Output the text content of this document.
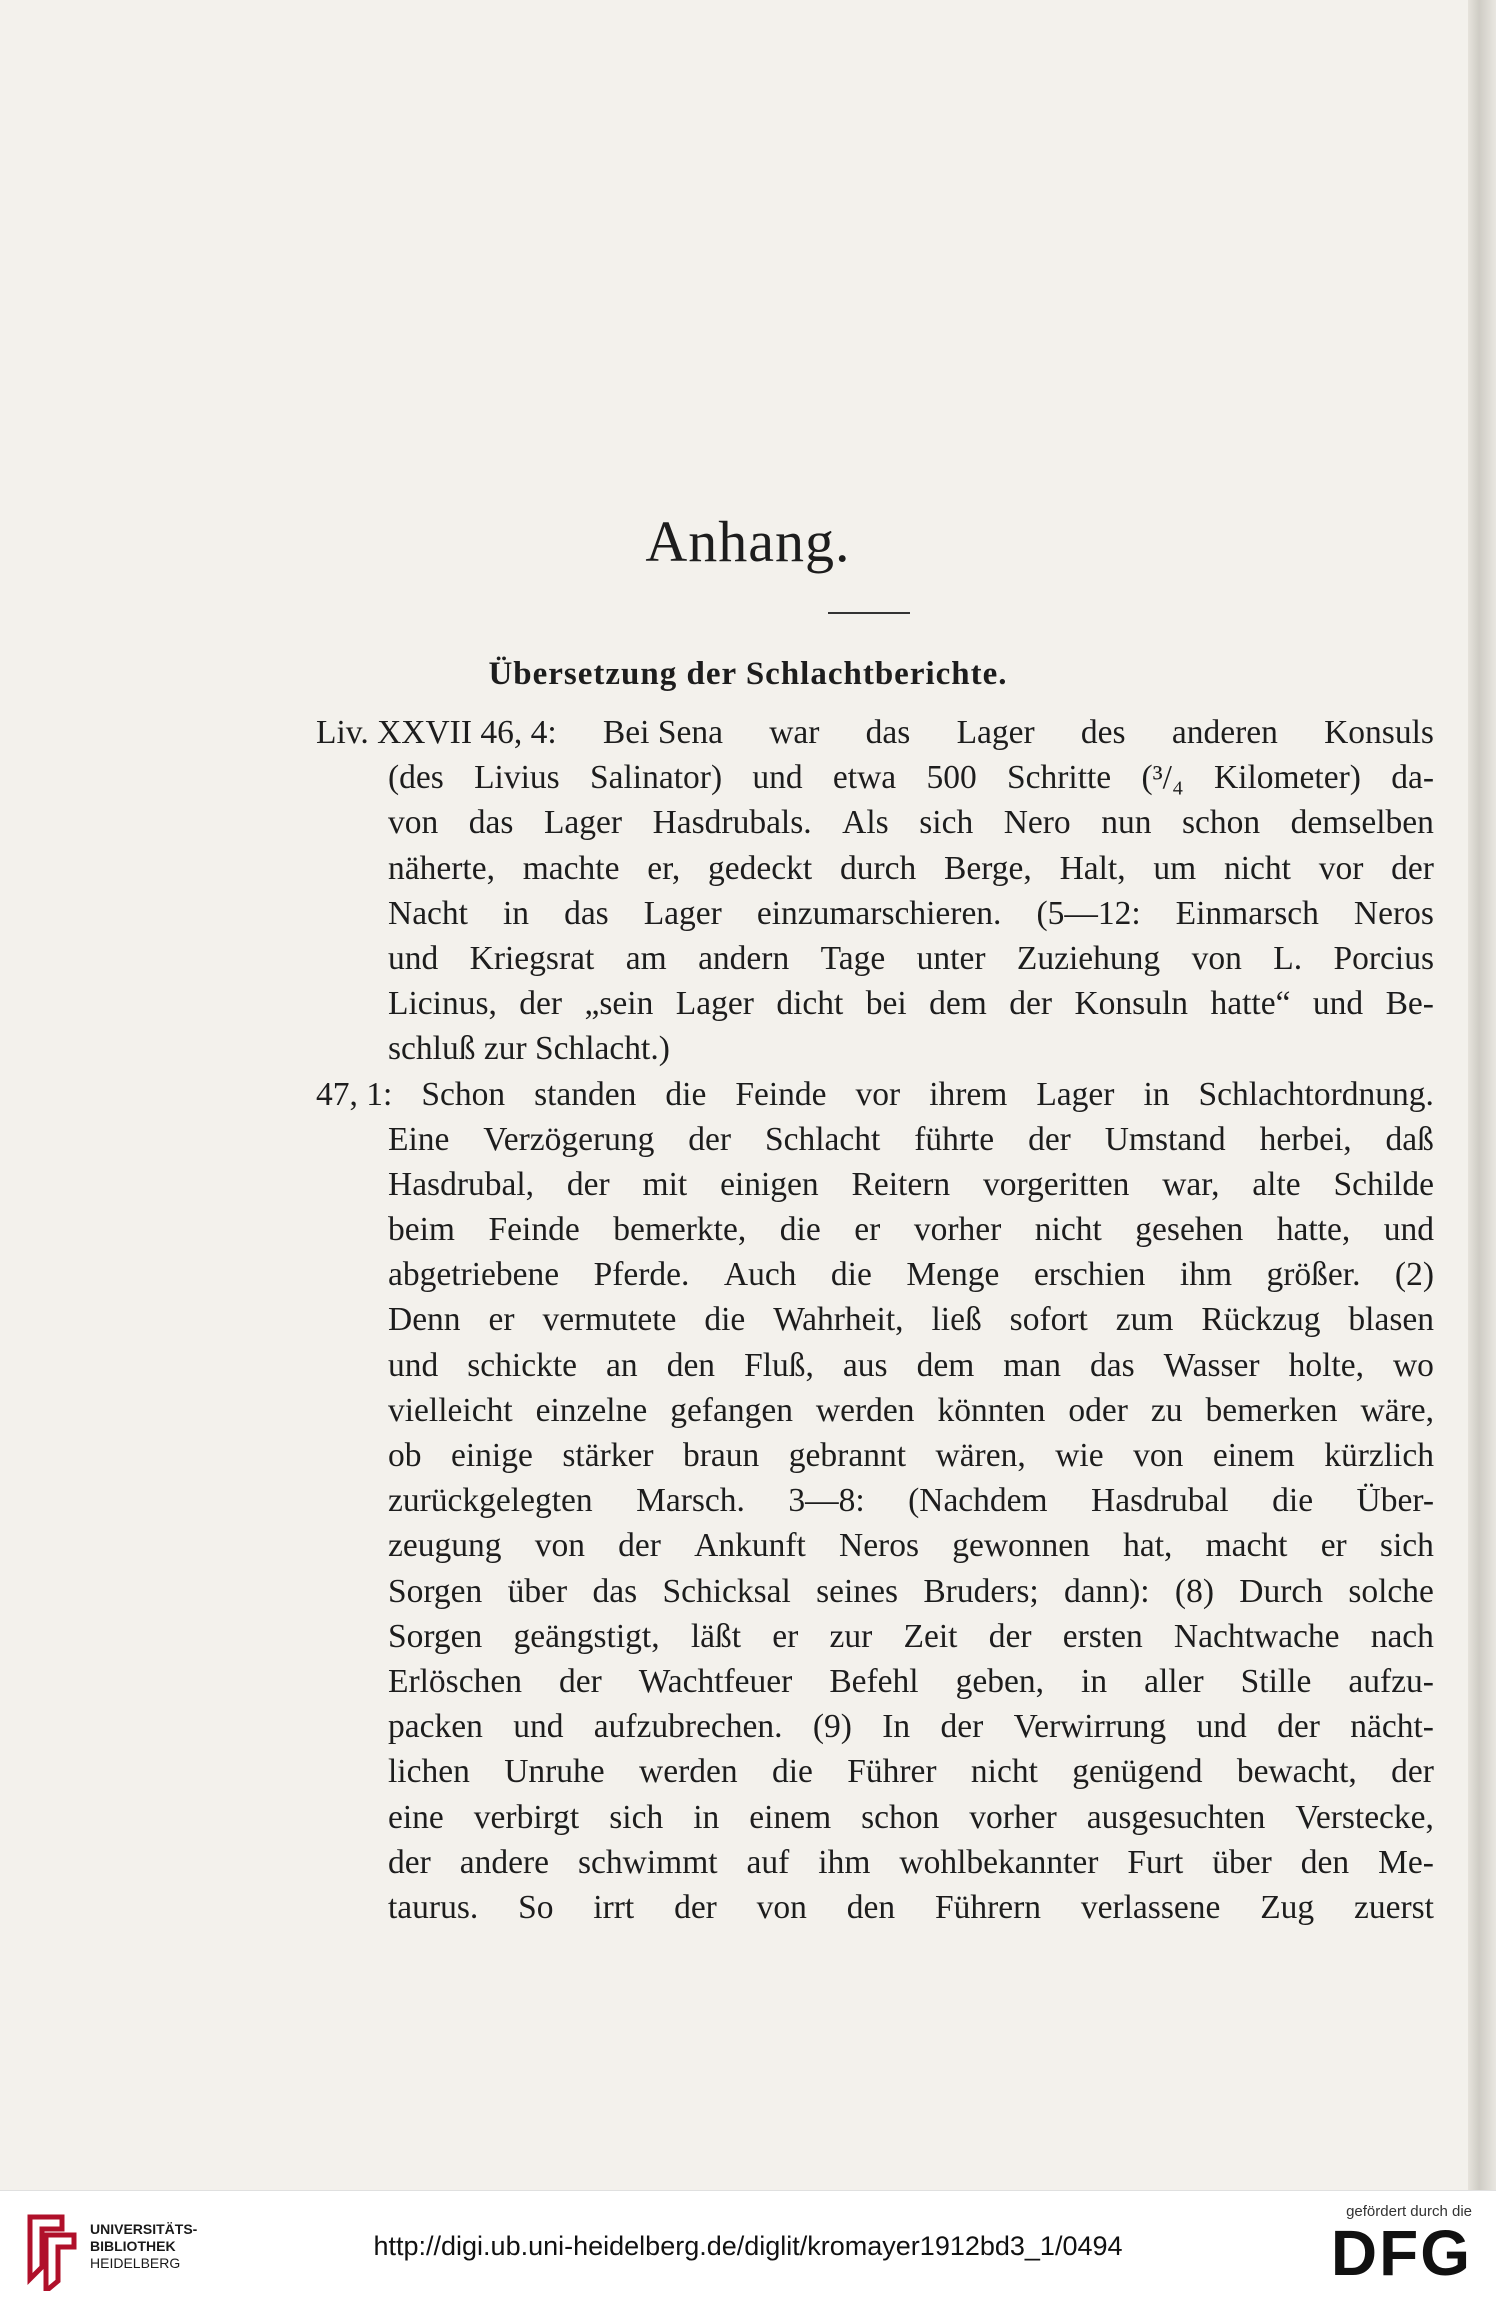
Anhang.
Übersetzung der Schlachtberichte.
Liv. XXVII 46, 4: Bei Sena war das Lager des anderen Konsuls
(des Livius Salinator) und etwa 500 Schritte (³/₄ Kilometer) da-
von das Lager Hasdrubals. Als sich Nero nun schon demselben
näherte, machte er, gedeckt durch Berge, Halt, um nicht vor der
Nacht in das Lager einzumarschieren. (5—12: Einmarsch Neros
und Kriegsrat am andern Tage unter Zuziehung von L. Porcius
Licinus, der „sein Lager dicht bei dem der Konsuln hatte“ und Be-
schluß zur Schlacht.)
47, 1: Schon standen die Feinde vor ihrem Lager in Schlachtordnung.
Eine Verzögerung der Schlacht führte der Umstand herbei, daß
Hasdrubal, der mit einigen Reitern vorgeritten war, alte Schilde
beim Feinde bemerkte, die er vorher nicht gesehen hatte, und
abgetriebene Pferde. Auch die Menge erschien ihm größer. (2)
Denn er vermutete die Wahrheit, ließ sofort zum Rückzug blasen
und schickte an den Fluß, aus dem man das Wasser holte, wo
vielleicht einzelne gefangen werden könnten oder zu bemerken wäre,
ob einige stärker braun gebrannt wären, wie von einem kürzlich
zurückgelegten Marsch. 3—8: (Nachdem Hasdrubal die Über-
zeugung von der Ankunft Neros gewonnen hat, macht er sich
Sorgen über das Schicksal seines Bruders; dann): (8) Durch solche
Sorgen geängstigt, läßt er zur Zeit der ersten Nachtwache nach
Erlöschen der Wachtfeuer Befehl geben, in aller Stille aufzu-
packen und aufzubrechen. (9) In der Verwirrung und der nächt-
lichen Unruhe werden die Führer nicht genügend bewacht, der
eine verbirgt sich in einem schon vorher ausgesuchten Verstecke,
der andere schwimmt auf ihm wohlbekannter Furt über den Me-
taurus. So irrt der von den Führern verlassene Zug zuerst
UNIVERSITÄTS-
BIBLIOTHEK
HEIDELBERG
http://digi.ub.uni-heidelberg.de/diglit/kromayer1912bd3_1/0494
gefördert durch die
DFG
